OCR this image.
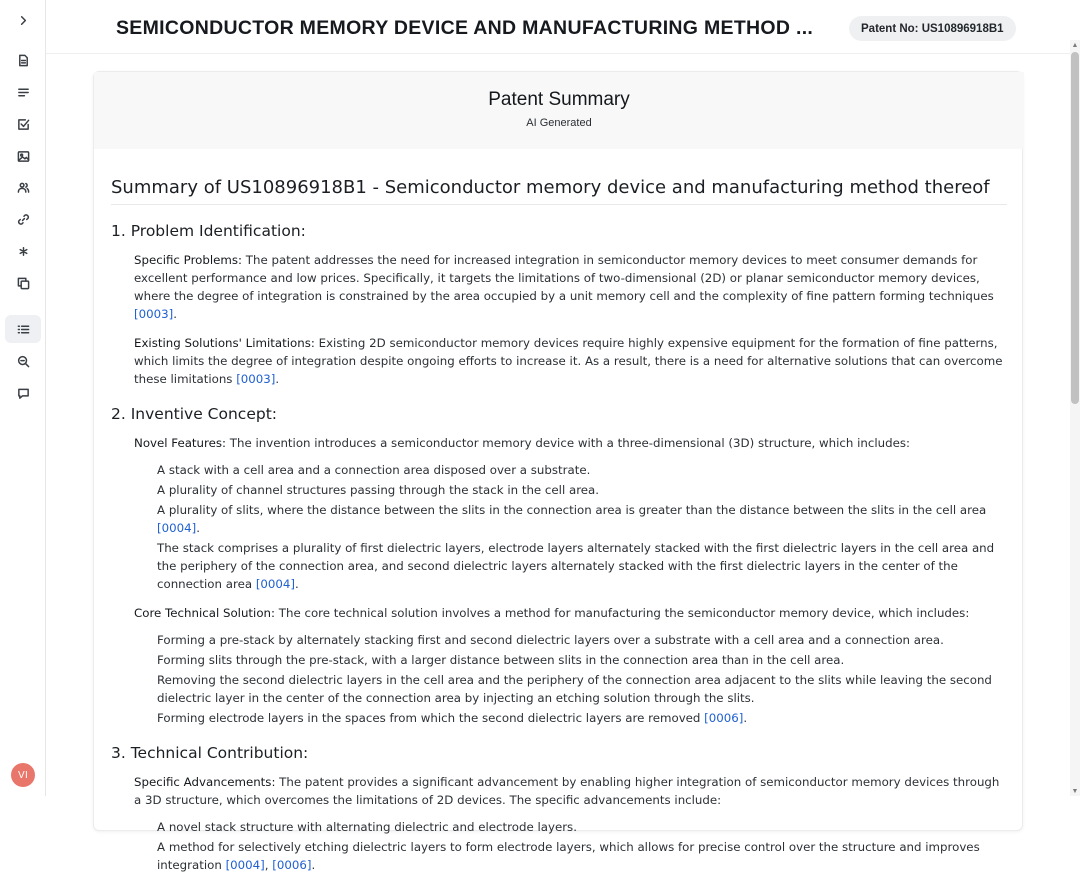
VI
SEMICONDUCTOR MEMORY DEVICE AND MANUFACTURING METHOD ...	Patent No: US10896918B1
▲
▼
Patent Summary
AI Generated
Summary of US10896918B1 - Semiconductor memory device and manufacturing method thereof
1. Problem Identification:

Specific Problems: The patent addresses the need for increased integration in semiconductor memory devices to meet consumer demands for excellent performance and low prices. Specifically, it targets the limitations of two-dimensional (2D) or planar semiconductor memory devices, where the degree of integration is constrained by the area occupied by a unit memory cell and the complexity of fine pattern forming techniques [0003].

Existing Solutions' Limitations: Existing 2D semiconductor memory devices require highly expensive equipment for the formation of fine patterns, which limits the degree of integration despite ongoing efforts to increase it. As a result, there is a need for alternative solutions that can overcome these limitations [0003].

2. Inventive Concept:

Novel Features: The invention introduces a semiconductor memory device with a three-dimensional (3D) structure, which includes:

A stack with a cell area and a connection area disposed over a substrate.
A plurality of channel structures passing through the stack in the cell area.
A plurality of slits, where the distance between the slits in the connection area is greater than the distance between the slits in the cell area [0004].
The stack comprises a plurality of first dielectric layers, electrode layers alternately stacked with the first dielectric layers in the cell area and the periphery of the connection area, and second dielectric layers alternately stacked with the first dielectric layers in the center of the connection area [0004].

Core Technical Solution: The core technical solution involves a method for manufacturing the semiconductor memory device, which includes:

Forming a pre-stack by alternately stacking first and second dielectric layers over a substrate with a cell area and a connection area.
Forming slits through the pre-stack, with a larger distance between slits in the connection area than in the cell area.
Removing the second dielectric layers in the cell area and the periphery of the connection area adjacent to the slits while leaving the second dielectric layer in the center of the connection area by injecting an etching solution through the slits.
Forming electrode layers in the spaces from which the second dielectric layers are removed [0006].
3. Technical Contribution:

Specific Advancements: The patent provides a significant advancement by enabling higher integration of semiconductor memory devices through a 3D structure, which overcomes the limitations of 2D devices. The specific advancements include:

A novel stack structure with alternating dielectric and electrode layers.
A method for selectively etching dielectric layers to form electrode layers, which allows for precise control over the structure and improves integration [0004], [0006].
